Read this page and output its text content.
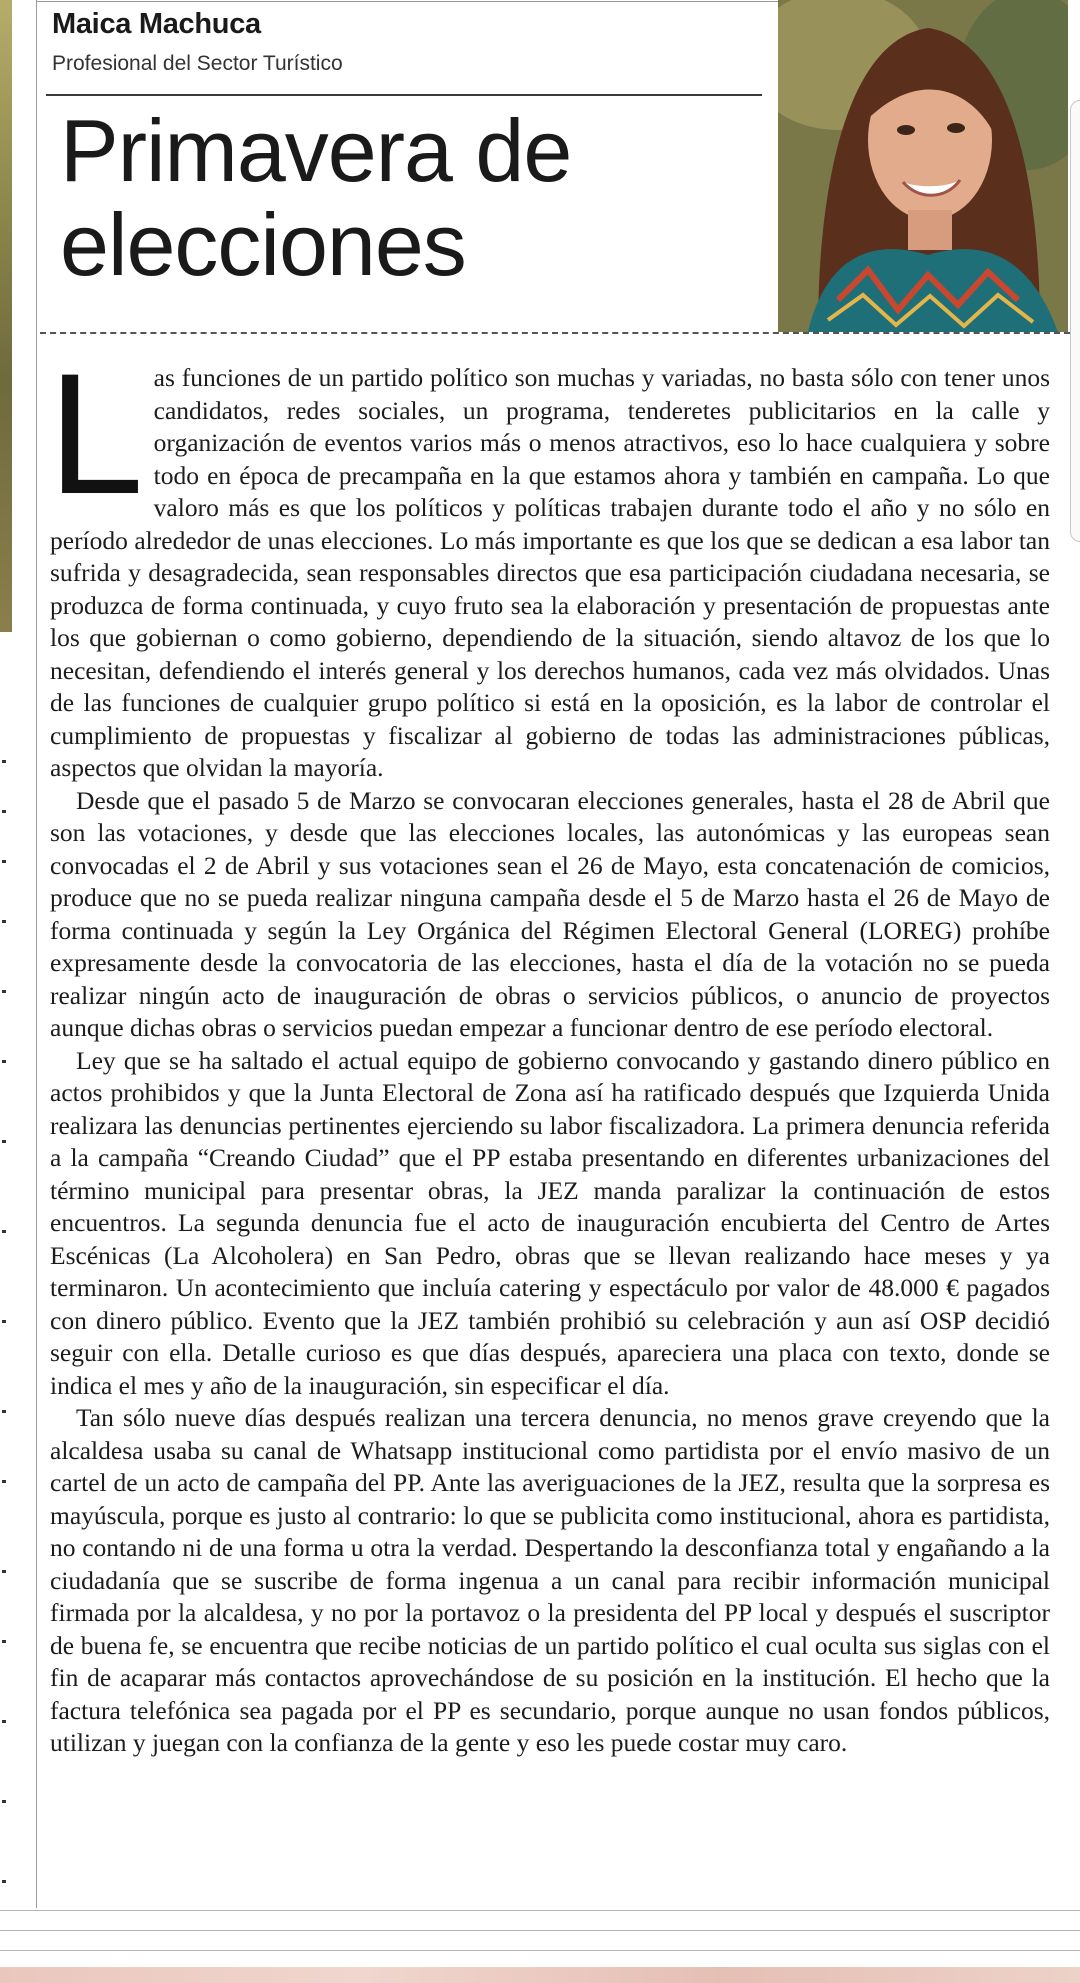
Maica Machuca
Profesional del Sector Turístico
Primavera de
elecciones

Las funciones de un partido político son muchas y variadas, no basta sólo con tener unos candidatos, redes sociales, un programa, tenderetes publicitarios en la calle y organización de eventos varios más o menos atractivos, eso lo hace cualquiera y sobre todo en época de precampaña en la que estamos ahora y también en campaña. Lo que valoro más es que los políticos y políticas trabajen durante todo el año y no sólo en período alrededor de unas elecciones. Lo más importante es que los que se dedican a esa labor tan sufrida y desagradecida, sean responsables directos que esa participación ciudadana necesaria, se produzca de forma continuada, y cuyo fruto sea la elaboración y presentación de propuestas ante los que gobiernan o como gobierno, dependiendo de la situación, siendo altavoz de los que lo necesitan, defendiendo el interés general y los derechos humanos, cada vez más olvidados. Unas de las funciones de cualquier grupo político si está en la oposición, es la labor de controlar el cumplimiento de propuestas y fiscalizar al gobierno de todas las administraciones públicas, aspectos que olvidan la mayoría.

Desde que el pasado 5 de Marzo se convocaran elecciones generales, hasta el 28 de Abril que son las votaciones, y desde que las elecciones locales, las autonómicas y las europeas sean convocadas el 2 de Abril y sus votaciones sean el 26 de Mayo, esta concatenación de comicios, produce que no se pueda realizar ninguna campaña desde el 5 de Marzo hasta el 26 de Mayo de forma continuada y según la Ley Orgánica del Régimen Electoral General (LOREG) prohíbe expresamente desde la convocatoria de las elecciones, hasta el día de la votación no se pueda realizar ningún acto de inauguración de obras o servicios públicos, o anuncio de proyectos aunque dichas obras o servicios puedan empezar a funcionar dentro de ese período electoral.

Ley que se ha saltado el actual equipo de gobierno convocando y gastando dinero público en actos prohibidos y que la Junta Electoral de Zona así ha ratificado después que Izquierda Unida realizara las denuncias pertinentes ejerciendo su labor fiscalizadora. La primera denuncia referida a la campaña “Creando Ciudad” que el PP estaba presentando en diferentes urbanizaciones del término municipal para presentar obras, la JEZ manda paralizar la continuación de estos encuentros. La segunda denuncia fue el acto de inauguración encubierta del Centro de Artes Escénicas (La Alcoholera) en San Pedro, obras que se llevan realizando hace meses y ya terminaron. Un acontecimiento que incluía catering y espectáculo por valor de 48.000 € pagados con dinero público. Evento que la JEZ también prohibió su celebración y aun así OSP decidió seguir con ella. Detalle curioso es que días después, apareciera una placa con texto, donde se indica el mes y año de la inauguración, sin especificar el día.

Tan sólo nueve días después realizan una tercera denuncia, no menos grave creyendo que la alcaldesa usaba su canal de Whatsapp institucional como partidista por el envío masivo de un cartel de un acto de campaña del PP. Ante las averiguaciones de la JEZ, resulta que la sorpresa es mayúscula, porque es justo al contrario: lo que se publicita como institucional, ahora es partidista, no contando ni de una forma u otra la verdad. Despertando la desconfianza total y engañando a la ciudadanía que se suscribe de forma ingenua a un canal para recibir información municipal firmada por la alcaldesa, y no por la portavoz o la presidenta del PP local y después el suscriptor de buena fe, se encuentra que recibe noticias de un partido político el cual oculta sus siglas con el fin de acaparar más contactos aprovechándose de su posición en la institución. El hecho que la factura telefónica sea pagada por el PP es secundario, porque aunque no usan fondos públicos, utilizan y juegan con la confianza de la gente y eso les puede costar muy caro.
